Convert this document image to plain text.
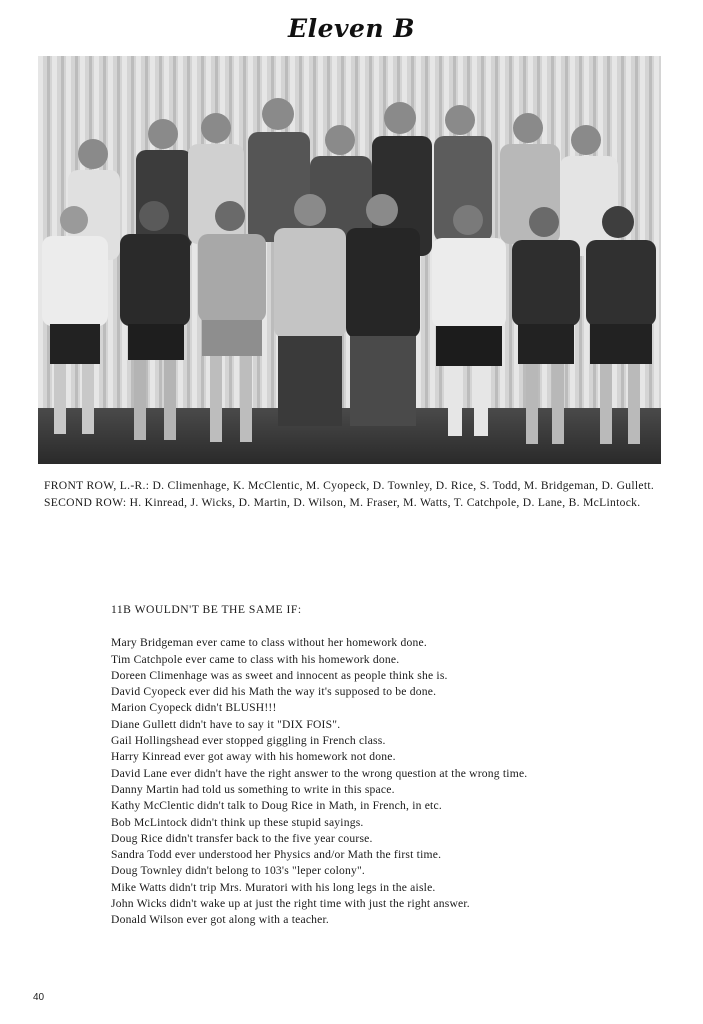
Eleven B

FRONT ROW, L.-R.: D. Climenhage, K. McClentic, M. Cyopeck, D. Townley, D. Rice, S. Todd, M. Bridgeman, D. Gullett.

SECOND ROW: H. Kinread, J. Wicks, D. Martin, D. Wilson, M. Fraser, M. Watts, T. Catchpole, D. Lane, B. McLintock.

11B WOULDN'T BE THE SAME IF:

Mary Bridgeman ever came to class without her homework done.
Tim Catchpole ever came to class with his homework done.
Doreen Climenhage was as sweet and innocent as people think she is.
David Cyopeck ever did his Math the way it's supposed to be done.
Marion Cyopeck didn't BLUSH!!!
Diane Gullett didn't have to say it "DIX FOIS".
Gail Hollingshead ever stopped giggling in French class.
Harry Kinread ever got away with his homework not done.
David Lane ever didn't have the right answer to the wrong question at the wrong time.
Danny Martin had told us something to write in this space.
Kathy McClentic didn't talk to Doug Rice in Math, in French, in etc.
Bob McLintock didn't think up these stupid sayings.
Doug Rice didn't transfer back to the five year course.
Sandra Todd ever understood her Physics and/or Math the first time.
Doug Townley didn't belong to 103's "leper colony".
Mike Watts didn't trip Mrs. Muratori with his long legs in the aisle.
John Wicks didn't wake up at just the right time with just the right answer.
Donald Wilson ever got along with a teacher.
40
